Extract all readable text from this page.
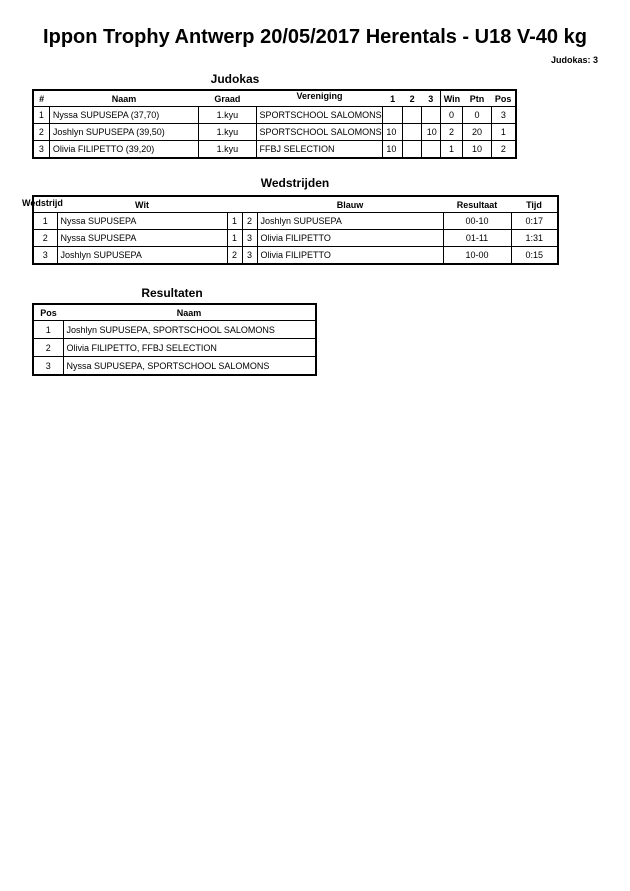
Ippon Trophy Antwerp 20/05/2017 Herentals - U18 V-40 kg
Judokas: 3
Judokas
#	Naam	Graad	Vereniging	1	2	3	Win	Ptn	Pos
1	Nyssa SUPUSEPA (37,70)	1.kyu	SPORTSCHOOL SALOMONS				0	0	3
2	Joshlyn SUPUSEPA (39,50)	1.kyu	SPORTSCHOOL SALOMONS	10		10	2	20	1
3	Olivia FILIPETTO (39,20)	1.kyu	FFBJ SELECTION	10			1	10	2
Wedstrijden
Wedstrijd	Wit			Blauw	Resultaat	Tijd
1	Nyssa SUPUSEPA	1	2	Joshlyn SUPUSEPA	00-10	0:17
2	Nyssa SUPUSEPA	1	3	Olivia FILIPETTO	01-11	1:31
3	Joshlyn SUPUSEPA	2	3	Olivia FILIPETTO	10-00	0:15
Resultaten
Pos	Naam
1	Joshlyn SUPUSEPA, SPORTSCHOOL SALOMONS
2	Olivia FILIPETTO, FFBJ SELECTION
3	Nyssa SUPUSEPA, SPORTSCHOOL SALOMONS
